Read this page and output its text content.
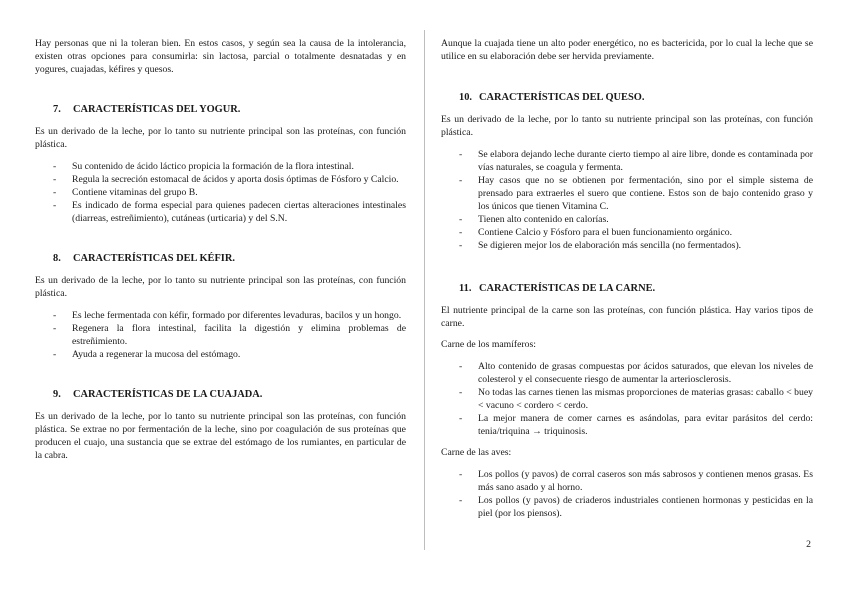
Hay personas que ni la toleran bien. En estos casos, y según sea la causa de la intolerancia, existen otras opciones para consumirla: sin lactosa, parcial o totalmente desnatadas y en yogures, cuajadas, kéfires y quesos.

7. CARACTERÍSTICAS DEL YOGUR.

Es un derivado de la leche, por lo tanto su nutriente principal son las proteínas, con función plástica.

- Su contenido de ácido láctico propicia la formación de la flora intestinal.
- Regula la secreción estomacal de ácidos y aporta dosis óptimas de Fósforo y Calcio.
- Contiene vitaminas del grupo B.
- Es indicado de forma especial para quienes padecen ciertas alteraciones intestinales (diarreas, estreñimiento), cutáneas (urticaria) y del S.N.
8. CARACTERÍSTICAS DEL KÉFIR.

Es un derivado de la leche, por lo tanto su nutriente principal son las proteínas, con función plástica.

- Es leche fermentada con kéfir, formado por diferentes levaduras, bacilos y un hongo.
- Regenera la flora intestinal, facilita la digestión y elimina problemas de estreñimiento.
- Ayuda a regenerar la mucosa del estómago.
9. CARACTERÍSTICAS DE LA CUAJADA.

Es un derivado de la leche, por lo tanto su nutriente principal son las proteínas, con función plástica. Se extrae no por fermentación de la leche, sino por coagulación de sus proteínas que producen el cuajo, una sustancia que se extrae del estómago de los rumiantes, en particular de la cabra.

Aunque la cuajada tiene un alto poder energético, no es bactericida, por lo cual la leche que se utilice en su elaboración debe ser hervida previamente.

10. CARACTERÍSTICAS DEL QUESO.

Es un derivado de la leche, por lo tanto su nutriente principal son las proteínas, con función plástica.

- Se elabora dejando leche durante cierto tiempo al aire libre, donde es contaminada por vías naturales, se coagula y fermenta.
- Hay casos que no se obtienen por fermentación, sino por el simple sistema de prensado para extraerles el suero que contiene. Estos son de bajo contenido graso y los únicos que tienen Vitamina C.
- Tienen alto contenido en calorías.
- Contiene Calcio y Fósforo para el buen funcionamiento orgánico.
- Se digieren mejor los de elaboración más sencilla (no fermentados).
11. CARACTERÍSTICAS DE LA CARNE.

El nutriente principal de la carne son las proteínas, con función plástica. Hay varios tipos de carne.

Carne de los mamíferos:

- Alto contenido de grasas compuestas por ácidos saturados, que elevan los niveles de colesterol y el consecuente riesgo de aumentar la arteriosclerosis.
- No todas las carnes tienen las mismas proporciones de materias grasas: caballo < buey < vacuno < cordero < cerdo.
- La mejor manera de comer carnes es asándolas, para evitar parásitos del cerdo: tenia/triquina → triquinosis.

Carne de las aves:

- Los pollos (y pavos) de corral caseros son más sabrosos y contienen menos grasas. Es más sano asado y al horno.
- Los pollos (y pavos) de criaderos industriales contienen hormonas y pesticidas en la piel (por los piensos).
2
